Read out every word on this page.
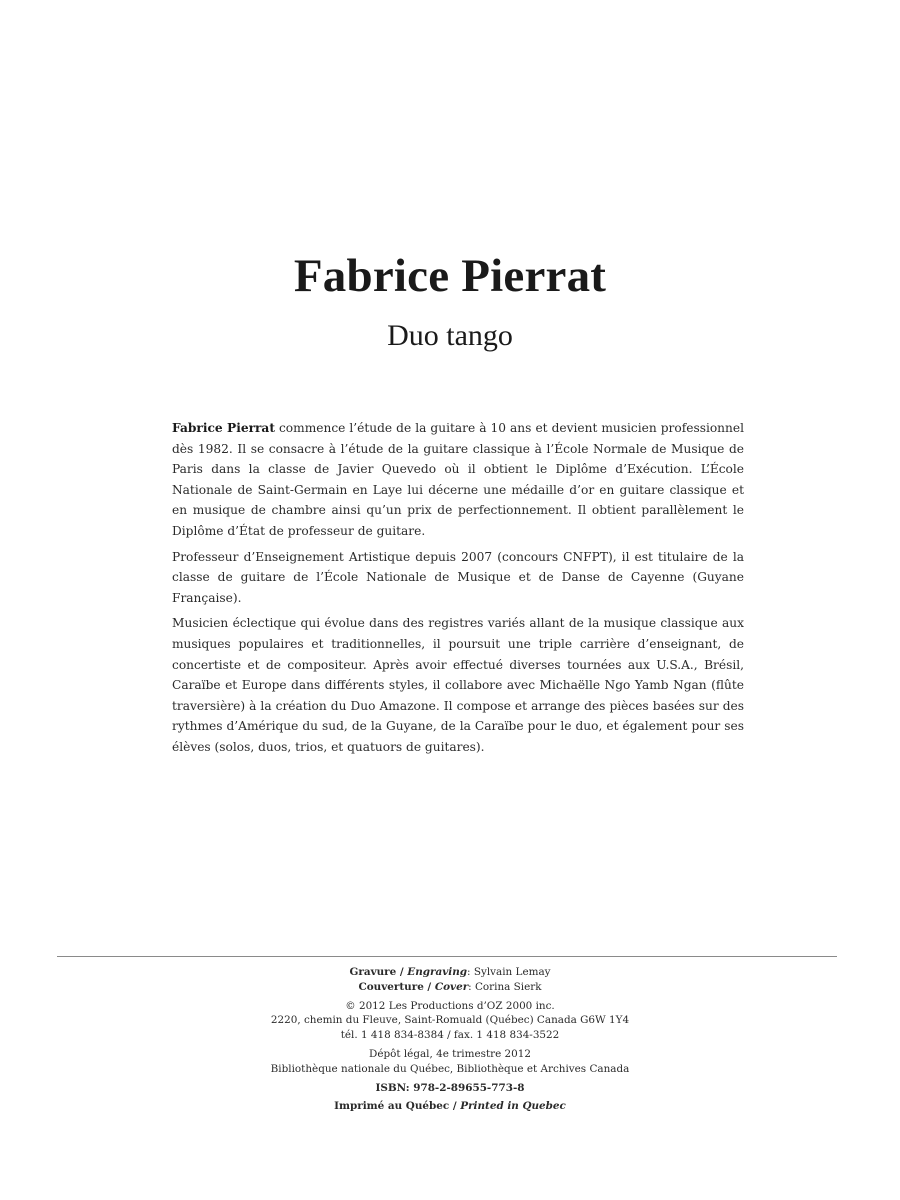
Fabrice Pierrat
Duo tango

Fabrice Pierrat commence l’étude de la guitare à 10 ans et devient musicien professionnel dès 1982. Il se consacre à l’étude de la guitare classique à l’École Normale de Musique de Paris dans la classe de Javier Quevedo où il obtient le Diplôme d’Exécution. L’École Nationale de Saint-Germain en Laye lui décerne une médaille d’or en guitare classique et en musique de chambre ainsi qu’un prix de perfectionnement. Il obtient parallèlement le Diplôme d’État de professeur de guitare.

Professeur d’Enseignement Artistique depuis 2007 (concours CNFPT), il est titulaire de la classe de guitare de l’École Nationale de Musique et de Danse de Cayenne (Guyane Française).

Musicien éclectique qui évolue dans des registres variés allant de la musique classique aux musiques populaires et traditionnelles, il poursuit une triple carrière d’enseignant, de concertiste et de compositeur. Après avoir effectué diverses tournées aux U.S.A., Brésil, Caraïbe et Europe dans différents styles, il collabore avec Michaëlle Ngo Yamb Ngan (flûte traversière) à la création du Duo Amazone. Il compose et arrange des pièces basées sur des rythmes d’Amérique du sud, de la Guyane, de la Caraïbe pour le duo, et également pour ses élèves (solos, duos, trios, et quatuors de guitares).

Gravure / Engraving: Sylvain Lemay
Couverture / Cover: Corina Sierk
© 2012 Les Productions d’OZ 2000 inc.
2220, chemin du Fleuve, Saint-Romuald (Québec) Canada G6W 1Y4
tél. 1 418 834-8384 / fax. 1 418 834-3522
Dépôt légal, 4e trimestre 2012
Bibliothèque nationale du Québec, Bibliothèque et Archives Canada
ISBN: 978-2-89655-773-8
Imprimé au Québec / Printed in Quebec
